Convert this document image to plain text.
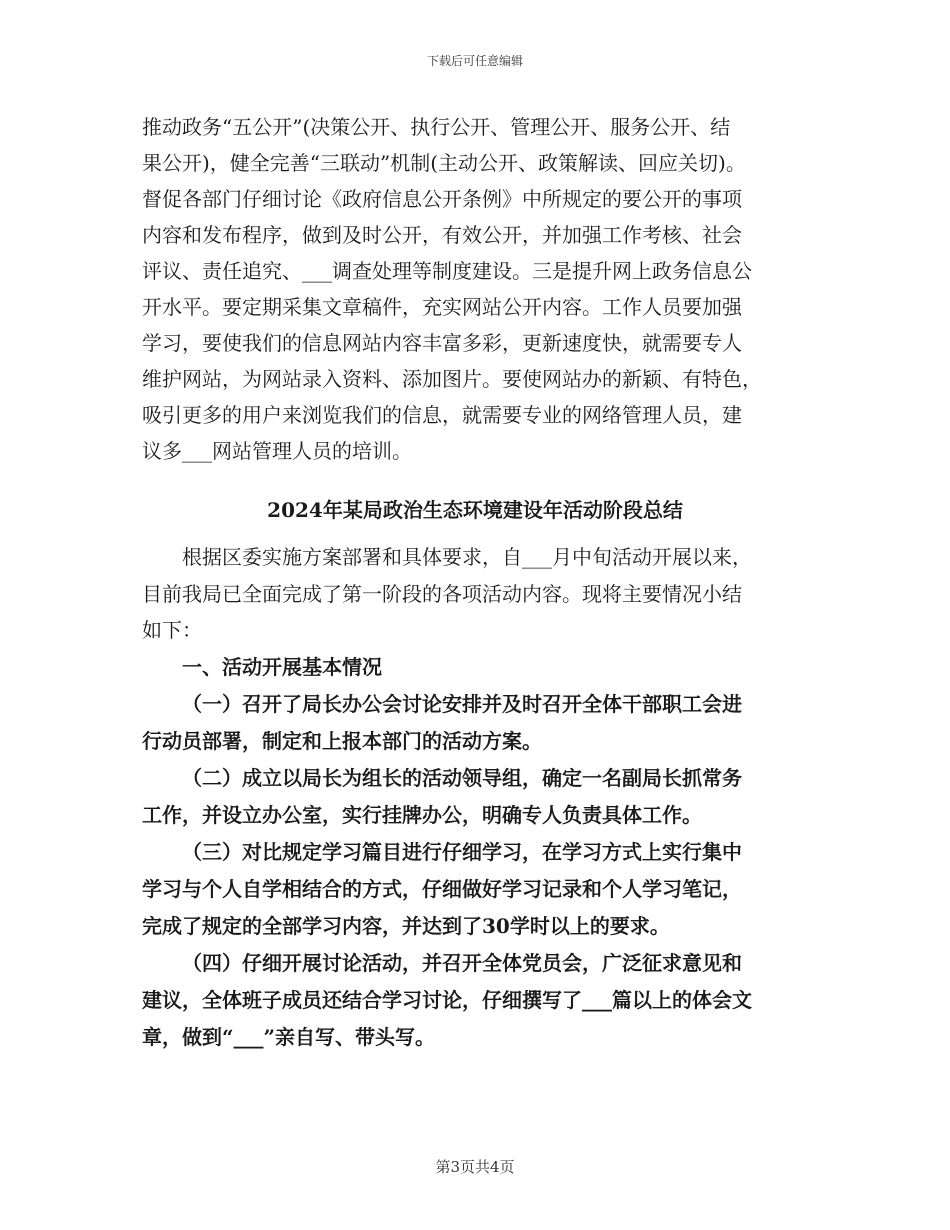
下载后可任意编辑
推动政务“五公开”(决策公开、执行公开、管理公开、服务公开、结
果公开)，健全完善“三联动”机制(主动公开、政策解读、回应关切)。
督促各部门仔细讨论《政府信息公开条例》中所规定的要公开的事项
内容和发布程序，做到及时公开，有效公开，并加强工作考核、社会
评议、责任追究、___调查处理等制度建设。三是提升网上政务信息公
开水平。要定期采集文章稿件，充实网站公开内容。工作人员要加强
学习，要使我们的信息网站内容丰富多彩，更新速度快，就需要专人
维护网站，为网站录入资料、添加图片。要使网站办的新颖、有特色，
吸引更多的用户来浏览我们的信息，就需要专业的网络管理人员，建
议多___网站管理人员的培训。
2024年某局政治生态环境建设年活动阶段总结
根据区委实施方案部署和具体要求，自___月中旬活动开展以来，
目前我局已全面完成了第一阶段的各项活动内容。现将主要情况小结
如下：
一、活动开展基本情况
（一）召开了局长办公会讨论安排并及时召开全体干部职工会进
行动员部署，制定和上报本部门的活动方案。
（二）成立以局长为组长的活动领导组，确定一名副局长抓常务
工作，并设立办公室，实行挂牌办公，明确专人负责具体工作。
（三）对比规定学习篇目进行仔细学习，在学习方式上实行集中
学习与个人自学相结合的方式，仔细做好学习记录和个人学习笔记，
完成了规定的全部学习内容，并达到了30学时以上的要求。
（四）仔细开展讨论活动，并召开全体党员会，广泛征求意见和
建议，全体班子成员还结合学习讨论，仔细撰写了___篇以上的体会文
章，做到“___”亲自写、带头写。
第3页共4页
